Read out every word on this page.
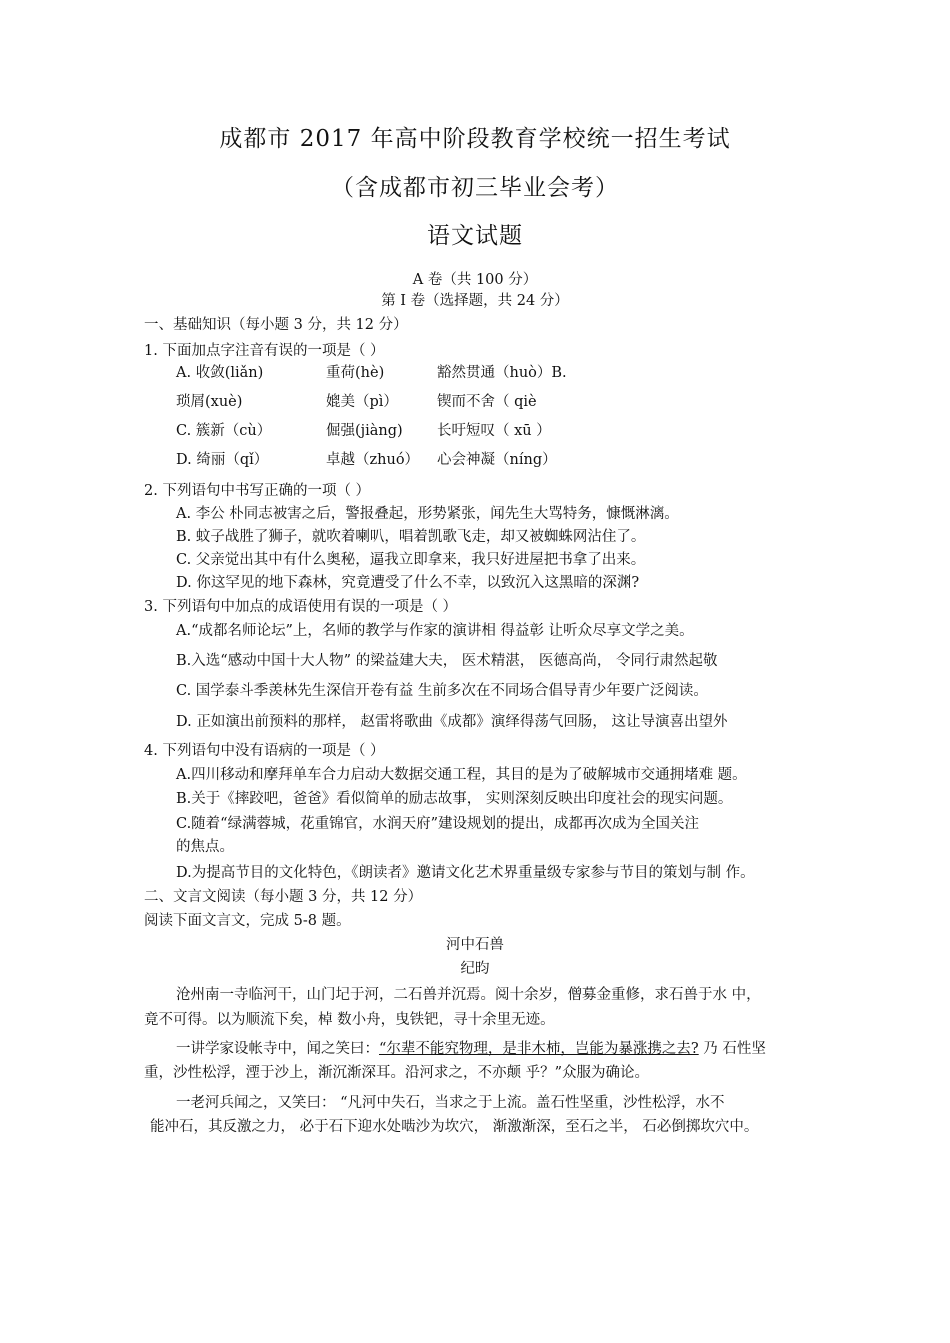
成都市 2017 年高中阶段教育学校统一招生考试
（含成都市初三毕业会考）
语文试题
A 卷（共 100 分）
第 I 卷（选择题，共 24 分）
一、基础知识（每小题 3 分，共 12 分）
1. 下面加点字注音有误的一项是（ ）
A. 收敛(liǎn)	重荷(hè)	豁然贯通（huò）B.
琐屑(xuè)	媲美（pì）	锲而不舍（ qiè
C. 簇新（cù）	倔强(jiàng) 长吁短叹（ xū ）
D. 绮丽（qǐ）	卓越（zhuó） 心会神凝（níng）
2. 下列语句中书写正确的一项（ ）
A. 李公 朴同志被害之后，警报叠起，形势紧张，闻先生大骂特务，慷慨淋漓。
B. 蚊子战胜了狮子，就吹着喇叭，唱着凯歌飞走，却又被蜘蛛网沾住了。
C. 父亲觉出其中有什么奥秘，逼我立即拿来，我只好进屋把书拿了出来。
D. 你这罕见的地下森林，究竟遭受了什么不幸，以致沉入这黑暗的深渊?
3. 下列语句中加点的成语使用有误的一项是（ ）
A.“成都名师论坛”上，名师的教学与作家的演讲相 得益彰 让听众尽享文学之美。
B.入选“感动中国十大人物” 的梁益建大夫， 医术精湛， 医德高尚， 令同行肃然起敬
C. 国学泰斗季羡林先生深信开卷有益 生前多次在不同场合倡导青少年要广泛阅读。
D. 正如演出前预料的那样， 赵雷将歌曲《成都》演绎得荡气回肠， 这让导演喜出望外
4. 下列语句中没有语病的一项是（ ）
A.四川移动和摩拜单车合力启动大数据交通工程，其目的是为了破解城市交通拥堵难 题。
B.关于《摔跤吧，爸爸》看似简单的励志故事， 实则深刻反映出印度社会的现实问题。
C.随着“绿满蓉城，花重锦官，水润天府”建设规划的提出，成都再次成为全国关注
的焦点。
D.为提高节目的文化特色，《朗读者》邀请文化艺术界重量级专家参与节目的策划与制 作。
二、文言文阅读（每小题 3 分，共 12 分）
阅读下面文言文，完成 5-8 题。
河中石兽
纪昀
沧州南一寺临河干，山门圮于河，二石兽并沉焉。阅十余岁，僧募金重修，求石兽于水 中，
竟不可得。以为顺流下矣，棹 数小舟，曳铁钯，寻十余里无迹。
一讲学家设帐寺中，闻之笑曰：“尔辈不能究物理，是非木柿，岂能为暴涨携之去? 乃 石性坚
重，沙性松浮，湮于沙上，渐沉渐深耳。沿河求之，不亦颠 乎？”众服为确论。
一老河兵闻之，又笑曰： “凡河中失石，当求之于上流。盖石性坚重，沙性松浮，水不
能冲石，其反激之力， 必于石下迎水处啮沙为坎穴， 渐激渐深，至石之半， 石必倒掷坎穴中。
